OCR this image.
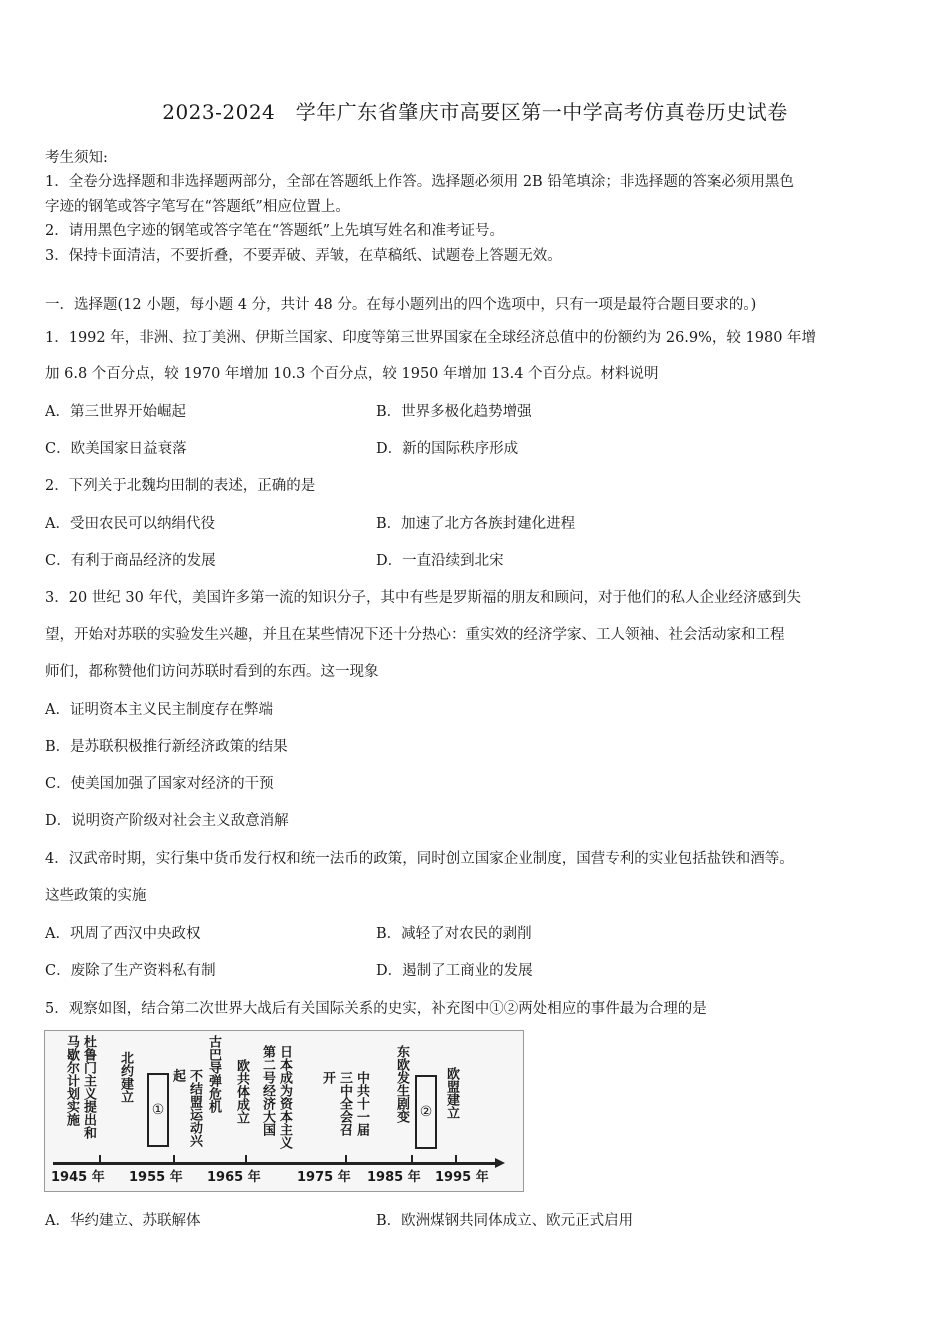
2023-2024　学年广东省肇庆市高要区第一中学高考仿真卷历史试卷
考生须知:
1．全卷分选择题和非选择题两部分，全部在答题纸上作答。选择题必须用 2B 铅笔填涂；非选择题的答案必须用黑色
字迹的钢笔或答字笔写在“答题纸”相应位置上。
2．请用黑色字迹的钢笔或答字笔在“答题纸”上先填写姓名和准考证号。
3．保持卡面清洁，不要折叠，不要弄破、弄皱，在草稿纸、试题卷上答题无效。
一．选择题(12 小题，每小题 4 分，共计 48 分。在每小题列出的四个选项中，只有一项是最符合题目要求的。)
1．1992 年，非洲、拉丁美洲、伊斯兰国家、印度等第三世界国家在全球经济总值中的份额约为 26.9%，较 1980 年增
加 6.8 个百分点，较 1970 年增加 10.3 个百分点，较 1950 年增加 13.4 个百分点。材料说明
A．第三世界开始崛起	B．世界多极化趋势增强
C．欧美国家日益衰落	D．新的国际秩序形成
2．下列关于北魏均田制的表述，正确的是
A．受田农民可以纳绢代役	B．加速了北方各族封建化进程
C．有利于商品经济的发展	D．一直沿续到北宋
3．20 世纪 30 年代，美国许多第一流的知识分子，其中有些是罗斯福的朋友和顾问，对于他们的私人企业经济感到失
望，开始对苏联的实验发生兴趣，并且在某些情况下还十分热心：重实效的经济学家、工人领袖、社会活动家和工程
师们，都称赞他们访问苏联时看到的东西。这一现象
A．证明资本主义民主制度存在弊端
B．是苏联积极推行新经济政策的结果
C．使美国加强了国家对经济的干预
D．说明资产阶级对社会主义敌意消解
4．汉武帝时期，实行集中货币发行权和统一法币的政策，同时创立国家企业制度，国营专利的实业包括盐铁和酒等。
这些政策的实施
A．巩周了西汉中央政权	B．减轻了对农民的剥削
C．废除了生产资料私有制	D．遏制了工商业的发展
5．观察如图，结合第二次世界大战后有关国际关系的史实，补充图中①②两处相应的事件最为合理的是
1945 年 1955 年 1965 年	1975 年 1985 年 1995 年
杜鲁门主义提出和马歇尔计划实施	北约建立
①	不结盟运动兴起	古巴导弹危机 欧共体成立	日本成为资本主义第二号经济大国	中共十一届三中全会召开	东欧发生剧变 ② 欧盟建立
A．华约建立、苏联解体	B．欧洲煤钢共同体成立、欧元正式启用
